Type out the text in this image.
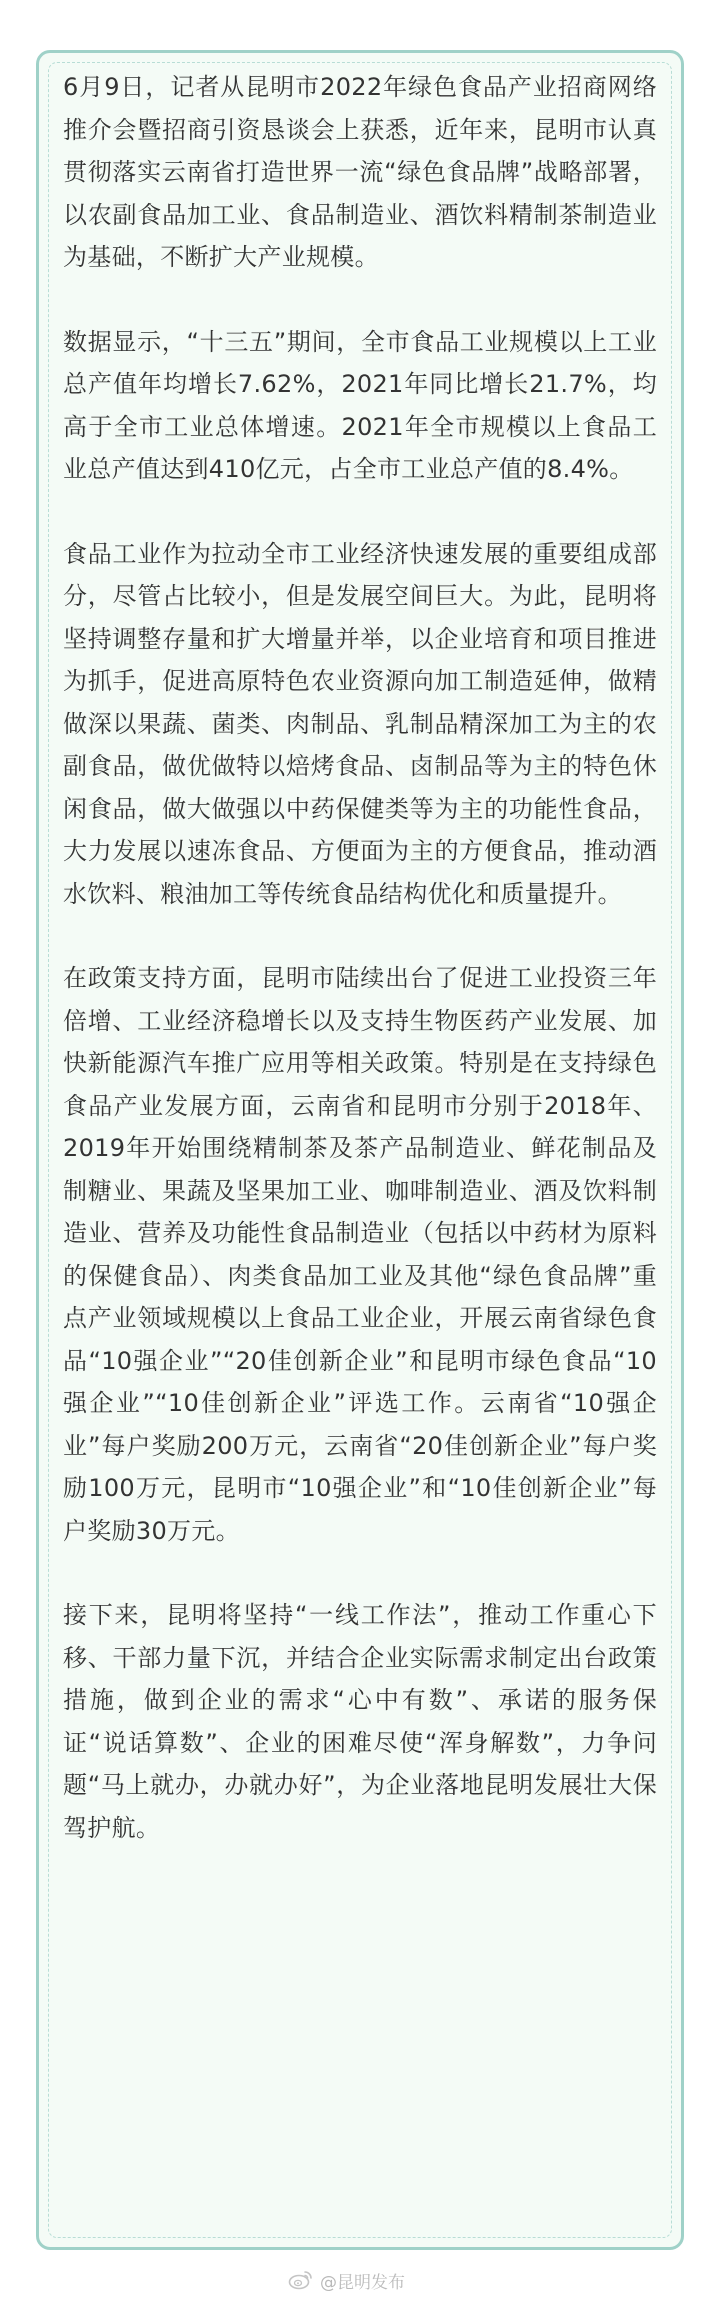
6月9日，记者从昆明市2022年绿色食品产业招商网络推介会暨招商引资恳谈会上获悉，近年来，昆明市认真贯彻落实云南省打造世界一流“绿色食品牌”战略部署，以农副食品加工业、食品制造业、酒饮料精制茶制造业为基础，不断扩大产业规模。

数据显示，“十三五”期间，全市食品工业规模以上工业总产值年均增长7.62%，2021年同比增长21.7%，均高于全市工业总体增速。2021年全市规模以上食品工业总产值达到410亿元，占全市工业总产值的8.4%。

食品工业作为拉动全市工业经济快速发展的重要组成部分，尽管占比较小，但是发展空间巨大。为此，昆明将坚持调整存量和扩大增量并举，以企业培育和项目推进为抓手，促进高原特色农业资源向加工制造延伸，做精做深以果蔬、菌类、肉制品、乳制品精深加工为主的农副食品，做优做特以焙烤食品、卤制品等为主的特色休闲食品，做大做强以中药保健类等为主的功能性食品，大力发展以速冻食品、方便面为主的方便食品，推动酒水饮料、粮油加工等传统食品结构优化和质量提升。

在政策支持方面，昆明市陆续出台了促进工业投资三年倍增、工业经济稳增长以及支持生物医药产业发展、加快新能源汽车推广应用等相关政策。特别是在支持绿色食品产业发展方面，云南省和昆明市分别于2018年、2019年开始围绕精制茶及茶产品制造业、鲜花制品及制糖业、果蔬及坚果加工业、咖啡制造业、酒及饮料制造业、营养及功能性食品制造业（包括以中药材为原料的保健食品）、肉类食品加工业及其他“绿色食品牌”重点产业领域规模以上食品工业企业，开展云南省绿色食品“10强企业”“20佳创新企业”和昆明市绿色食品“10强企业”“10佳创新企业”评选工作。云南省“10强企业”每户奖励200万元，云南省“20佳创新企业”每户奖励100万元，昆明市“10强企业”和“10佳创新企业”每户奖励30万元。

接下来，昆明将坚持“一线工作法”，推动工作重心下移、干部力量下沉，并结合企业实际需求制定出台政策措施，做到企业的需求“心中有数”、承诺的服务保证“说话算数”、企业的困难尽使“浑身解数”，力争问题“马上就办，办就办好”，为企业落地昆明发展壮大保驾护航。

@昆明发布
